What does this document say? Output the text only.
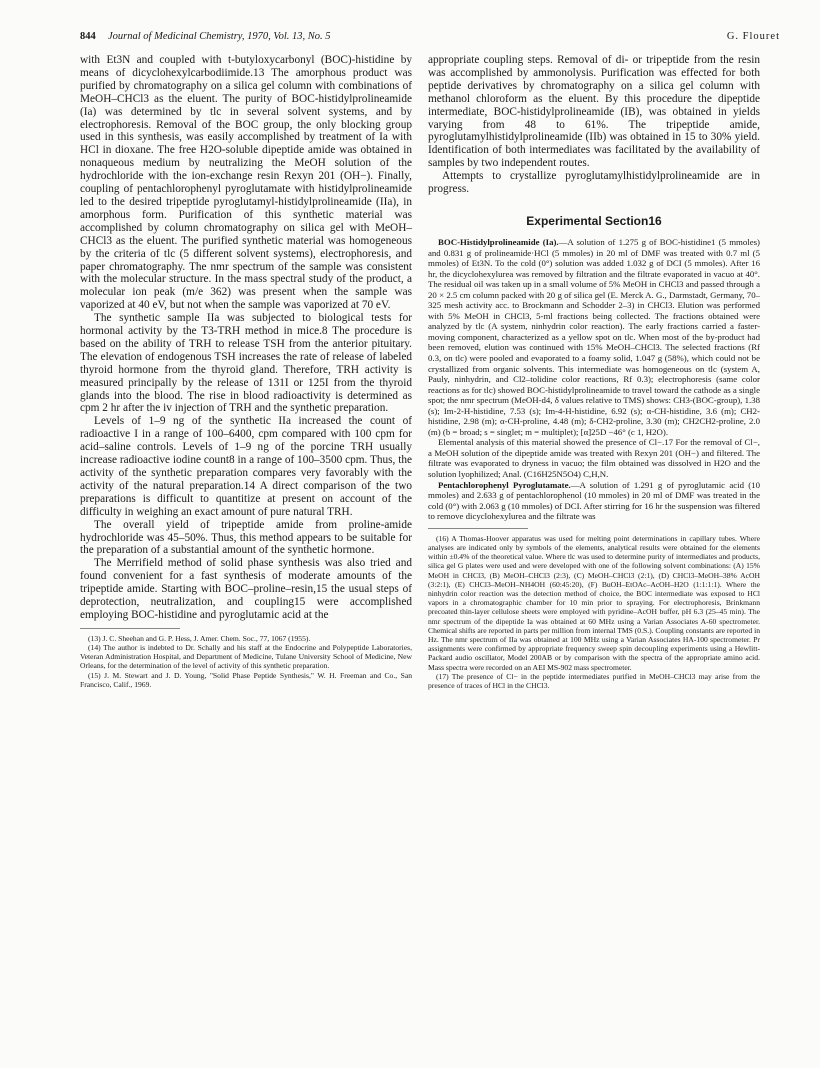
844 Journal of Medicinal Chemistry, 1970, Vol. 13, No. 5	G. Flouret

with Et3N and coupled with t-butyloxycarbonyl (BOC)-histidine by means of dicyclohexylcarbodiimide.13 The amorphous product was purified by chromatography on a silica gel column with combinations of MeOH–CHCl3 as the eluent. The purity of BOC-histidylprolineamide (Ia) was determined by tlc in several solvent systems, and by electrophoresis. Removal of the BOC group, the only blocking group used in this synthesis, was easily accomplished by treatment of Ia with HCl in dioxane. The free H2O-soluble dipeptide amide was obtained in nonaqueous medium by neutralizing the MeOH solution of the hydrochloride with the ion-exchange resin Rexyn 201 (OH−). Finally, coupling of pentachlorophenyl pyroglutamate with histidylprolineamide led to the desired tripeptide pyroglutamyl-histidylprolineamide (IIa), in amorphous form. Purification of this synthetic material was accomplished by column chromatography on silica gel with MeOH–CHCl3 as the eluent. The purified synthetic material was homogeneous by the criteria of tlc (5 different solvent systems), electrophoresis, and paper chromatography. The nmr spectrum of the sample was consistent with the molecular structure. In the mass spectral study of the product, a molecular ion peak (m/e 362) was present when the sample was vaporized at 40 eV, but not when the sample was vaporized at 70 eV.

The synthetic sample IIa was subjected to biological tests for hormonal activity by the T3-TRH method in mice.8 The procedure is based on the ability of TRH to release TSH from the anterior pituitary. The elevation of endogenous TSH increases the rate of release of labeled thyroid hormone from the thyroid gland. Therefore, TRH activity is measured principally by the release of 131I or 125I from the thyroid glands into the blood. The rise in blood radioactivity is determined as cpm 2 hr after the iv injection of TRH and the synthetic preparation.

Levels of 1–9 ng of the synthetic IIa increased the count of radioactive I in a range of 100–6400, cpm compared with 100 cpm for acid–saline controls. Levels of 1–9 ng of the porcine TRH usually increase radioactive iodine count8 in a range of 100–3500 cpm. Thus, the activity of the synthetic preparation compares very favorably with the activity of the natural preparation.14 A direct comparison of the two preparations is difficult to quantitize at present on account of the difficulty in weighing an exact amount of pure natural TRH.

The overall yield of tripeptide amide from proline-amide hydrochloride was 45–50%. Thus, this method appears to be suitable for the preparation of a substantial amount of the synthetic hormone.

The Merrifield method of solid phase synthesis was also tried and found convenient for a fast synthesis of moderate amounts of the tripeptide amide. Starting with BOC–proline–resin,15 the usual steps of deprotection, neutralization, and coupling15 were accomplished employing BOC-histidine and pyroglutamic acid at the

(13) J. C. Sheehan and G. P. Hess, J. Amer. Chem. Soc., 77, 1067 (1955).

(14) The author is indebted to Dr. Schally and his staff at the Endocrine and Polypeptide Laboratories, Veteran Administration Hospital, and Department of Medicine, Tulane University School of Medicine, New Orleans, for the determination of the level of activity of this synthetic preparation.

(15) J. M. Stewart and J. D. Young, "Solid Phase Peptide Synthesis," W. H. Freeman and Co., San Francisco, Calif., 1969.

appropriate coupling steps. Removal of di- or tripeptide from the resin was accomplished by ammonolysis. Purification was effected for both peptide derivatives by chromatography on a silica gel column with methanol chloroform as the eluent. By this procedure the dipeptide intermediate, BOC-histidylprolineamide (IB), was obtained in yields varying from 48 to 61%. The tripeptide amide, pyroglutamylhistidylprolineamide (IIb) was obtained in 15 to 30% yield. Identification of both intermediates was facilitated by the availability of samples by two independent routes.

Attempts to crystallize pyroglutamylhistidylprolineamide are in progress.

Experimental Section16

BOC-Histidylprolineamide (Ia).—A solution of 1.275 g of BOC-histidine1 (5 mmoles) and 0.831 g of prolineamide·HCl (5 mmoles) in 20 ml of DMF was treated with 0.7 ml (5 mmoles) of Et3N. To the cold (0°) solution was added 1.032 g of DCI (5 mmoles). After 16 hr, the dicyclohexylurea was removed by filtration and the filtrate evaporated in vacuo at 40°. The residual oil was taken up in a small volume of 5% MeOH in CHCl3 and passed through a 20 × 2.5 cm column packed with 20 g of silica gel (E. Merck A. G., Darmstadt, Germany, 70–325 mesh activity acc. to Brockmann and Schodder 2–3) in CHCl3. Elution was performed with 5% MeOH in CHCl3, 5-ml fractions being collected. The fractions obtained were analyzed by tlc (A system, ninhydrin color reaction). The early fractions carried a faster-moving component, characterized as a yellow spot on tlc. When most of the by-product had been removed, elution was continued with 15% MeOH–CHCl3. The selected fractions (Rf 0.3, on tlc) were pooled and evaporated to a foamy solid, 1.047 g (58%), which could not be crystallized from organic solvents. This intermediate was homogeneous on tlc (system A, Pauly, ninhydrin, and Cl2–tolidine color reactions, Rf 0.3); electrophoresis (same color reactions as for tlc) showed BOC-histidylprolineamide to travel toward the cathode as a single spot; the nmr spectrum (MeOH-d4, δ values relative to TMS) shows: CH3-(BOC-group), 1.38 (s); Im-2-H-histidine, 7.53 (s); Im-4-H-histidine, 6.92 (s); α-CH-histidine, 3.6 (m); CH2-histidine, 2.98 (m); α-CH-proline, 4.48 (m); δ-CH2-proline, 3.30 (m); CH2CH2-proline, 2.0 (m) (b = broad; s = singlet; m = multiplet); [α]25D −46° (c 1, H2O).

Elemental analysis of this material showed the presence of Cl−.17 For the removal of Cl−, a MeOH solution of the dipeptide amide was treated with Rexyn 201 (OH−) and filtered. The filtrate was evaporated to dryness in vacuo; the film obtained was dissolved in H2O and the solution lyophilized; Anal. (C16H25N5O4) C,H,N.

Pentachlorophenyl Pyroglutamate.—A solution of 1.291 g of pyroglutamic acid (10 mmoles) and 2.633 g of pentachlorophenol (10 mmoles) in 20 ml of DMF was treated in the cold (0°) with 2.063 g (10 mmoles) of DCI. After stirring for 16 hr the suspension was filtered to remove dicyclohexylurea and the filtrate was

(16) A Thomas-Hoover apparatus was used for melting point determinations in capillary tubes. Where analyses are indicated only by symbols of the elements, analytical results were obtained for the elements within ±0.4% of the theoretical value. Where tlc was used to determine purity of intermediates and products, silica gel G plates were used and were developed with one of the following solvent combinations: (A) 15% MeOH in CHCl3, (B) MeOH–CHCl3 (2:3), (C) MeOH–CHCl3 (2:1), (D) CHCl3–MeOH–38% AcOH (3:2:1), (E) CHCl3–MeOH–NH4OH (60:45:20), (F) BuOH–EtOAc–AcOH–H2O (1:1:1:1). Where the ninhydrin color reaction was the detection method of choice, the BOC intermediate was exposed to HCl vapors in a chromatographic chamber for 10 min prior to spraying. For electrophoresis, Brinkmann precoated thin-layer cellulose sheets were employed with pyridine–AcOH buffer, pH 6.3 (25–45 min). The nmr spectrum of the dipeptide Ia was obtained at 60 MHz using a Varian Associates A-60 spectrometer. Chemical shifts are reported in parts per million from internal TMS (0.S.). Coupling constants are reported in Hz. The nmr spectrum of IIa was obtained at 100 MHz using a Varian Associates HA-100 spectrometer. Pr assignments were confirmed by appropriate frequency sweep spin decoupling experiments using a Hewlitt-Packard audio oscillator, Model 200AB or by comparison with the spectra of the appropriate amino acid. Mass spectra were recorded on an AEI MS-902 mass spectrometer.

(17) The presence of Cl− in the peptide intermediates purified in MeOH–CHCl3 may arise from the presence of traces of HCl in the CHCl3.
